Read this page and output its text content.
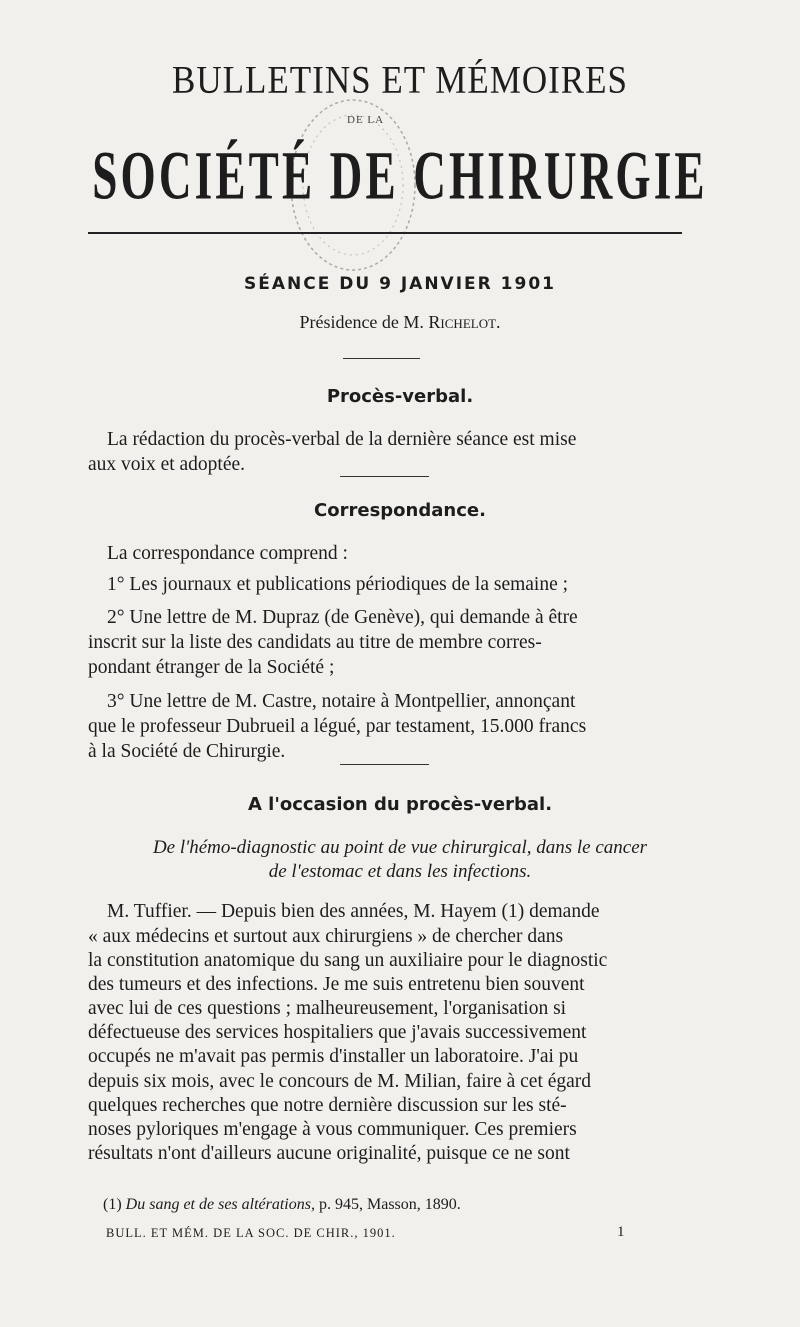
DE LA
BULLETINS ET MÉMOIRES
SOCIÉTÉ DE CHIRURGIE
SÉANCE DU 9 JANVIER 1901
Présidence de M. Richelot.
Procès-verbal.
La rédaction du procès-verbal de la dernière séance est mise
aux voix et adoptée.
Correspondance.
La correspondance comprend :
1° Les journaux et publications périodiques de la semaine ;
2° Une lettre de M. Dupraz (de Genève), qui demande à être
inscrit sur la liste des candidats au titre de membre corres-
pondant étranger de la Société ;
3° Une lettre de M. Castre, notaire à Montpellier, annonçant
que le professeur Dubrueil a légué, par testament, 15.000 francs
à la Société de Chirurgie.
A l'occasion du procès-verbal.
De l'hémo-diagnostic au point de vue chirurgical, dans le cancer
de l'estomac et dans les infections.
M. Tuffier. — Depuis bien des années, M. Hayem (1) demande
« aux médecins et surtout aux chirurgiens » de chercher dans
la constitution anatomique du sang un auxiliaire pour le diagnostic
des tumeurs et des infections. Je me suis entretenu bien souvent
avec lui de ces questions ; malheureusement, l'organisation si
défectueuse des services hospitaliers que j'avais successivement
occupés ne m'avait pas permis d'installer un laboratoire. J'ai pu
depuis six mois, avec le concours de M. Milian, faire à cet égard
quelques recherches que notre dernière discussion sur les sté-
noses pyloriques m'engage à vous communiquer. Ces premiers
résultats n'ont d'ailleurs aucune originalité, puisque ce ne sont
(1) Du sang et de ses altérations, p. 945, Masson, 1890.
BULL. ET MÉM. DE LA SOC. DE CHIR., 1901.	1
